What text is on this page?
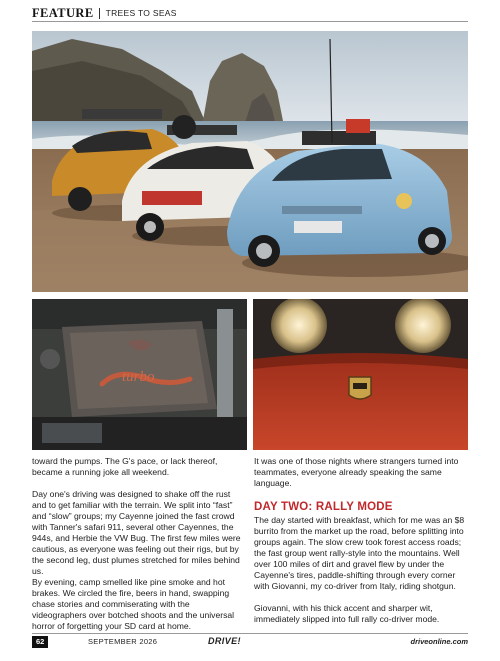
FEATURE TREES TO SEAS
turbo

toward the pumps. The G's pace, or lack thereof, became a running joke all weekend.

Day one's driving was designed to shake off the rust and to get familiar with the terrain. We split into “fast” and “slow” groups; my Cayenne joined the fast crowd with Tanner's safari 911, several other Cayennes, the 944s, and Herbie the VW Bug. The first few miles were cautious, as everyone was feeling out their rigs, but by the second leg, dust plumes stretched for miles behind us.

By evening, camp smelled like pine smoke and hot brakes. We circled the fire, beers in hand, swapping chase stories and commiserating with the videographers over botched shoots and the universal horror of forgetting your SD card at home.

It was one of those nights where strangers turned into teammates, everyone already speaking the same language.

DAY TWO: RALLY MODE

The day started with breakfast, which for me was an $8 burrito from the market up the road, before splitting into groups again. The slow crew took forest access roads; the fast group went rally-style into the mountains. Well over 100 miles of dirt and gravel flew by under the Cayenne's tires, paddle-shifting through every corner with Giovanni, my co-driver from Italy, riding shotgun.

Giovanni, with his thick accent and sharper wit, immediately slipped into full rally co-driver mode.

62	SEPTEMBER 2026	DRIVE!	driveonline.com
